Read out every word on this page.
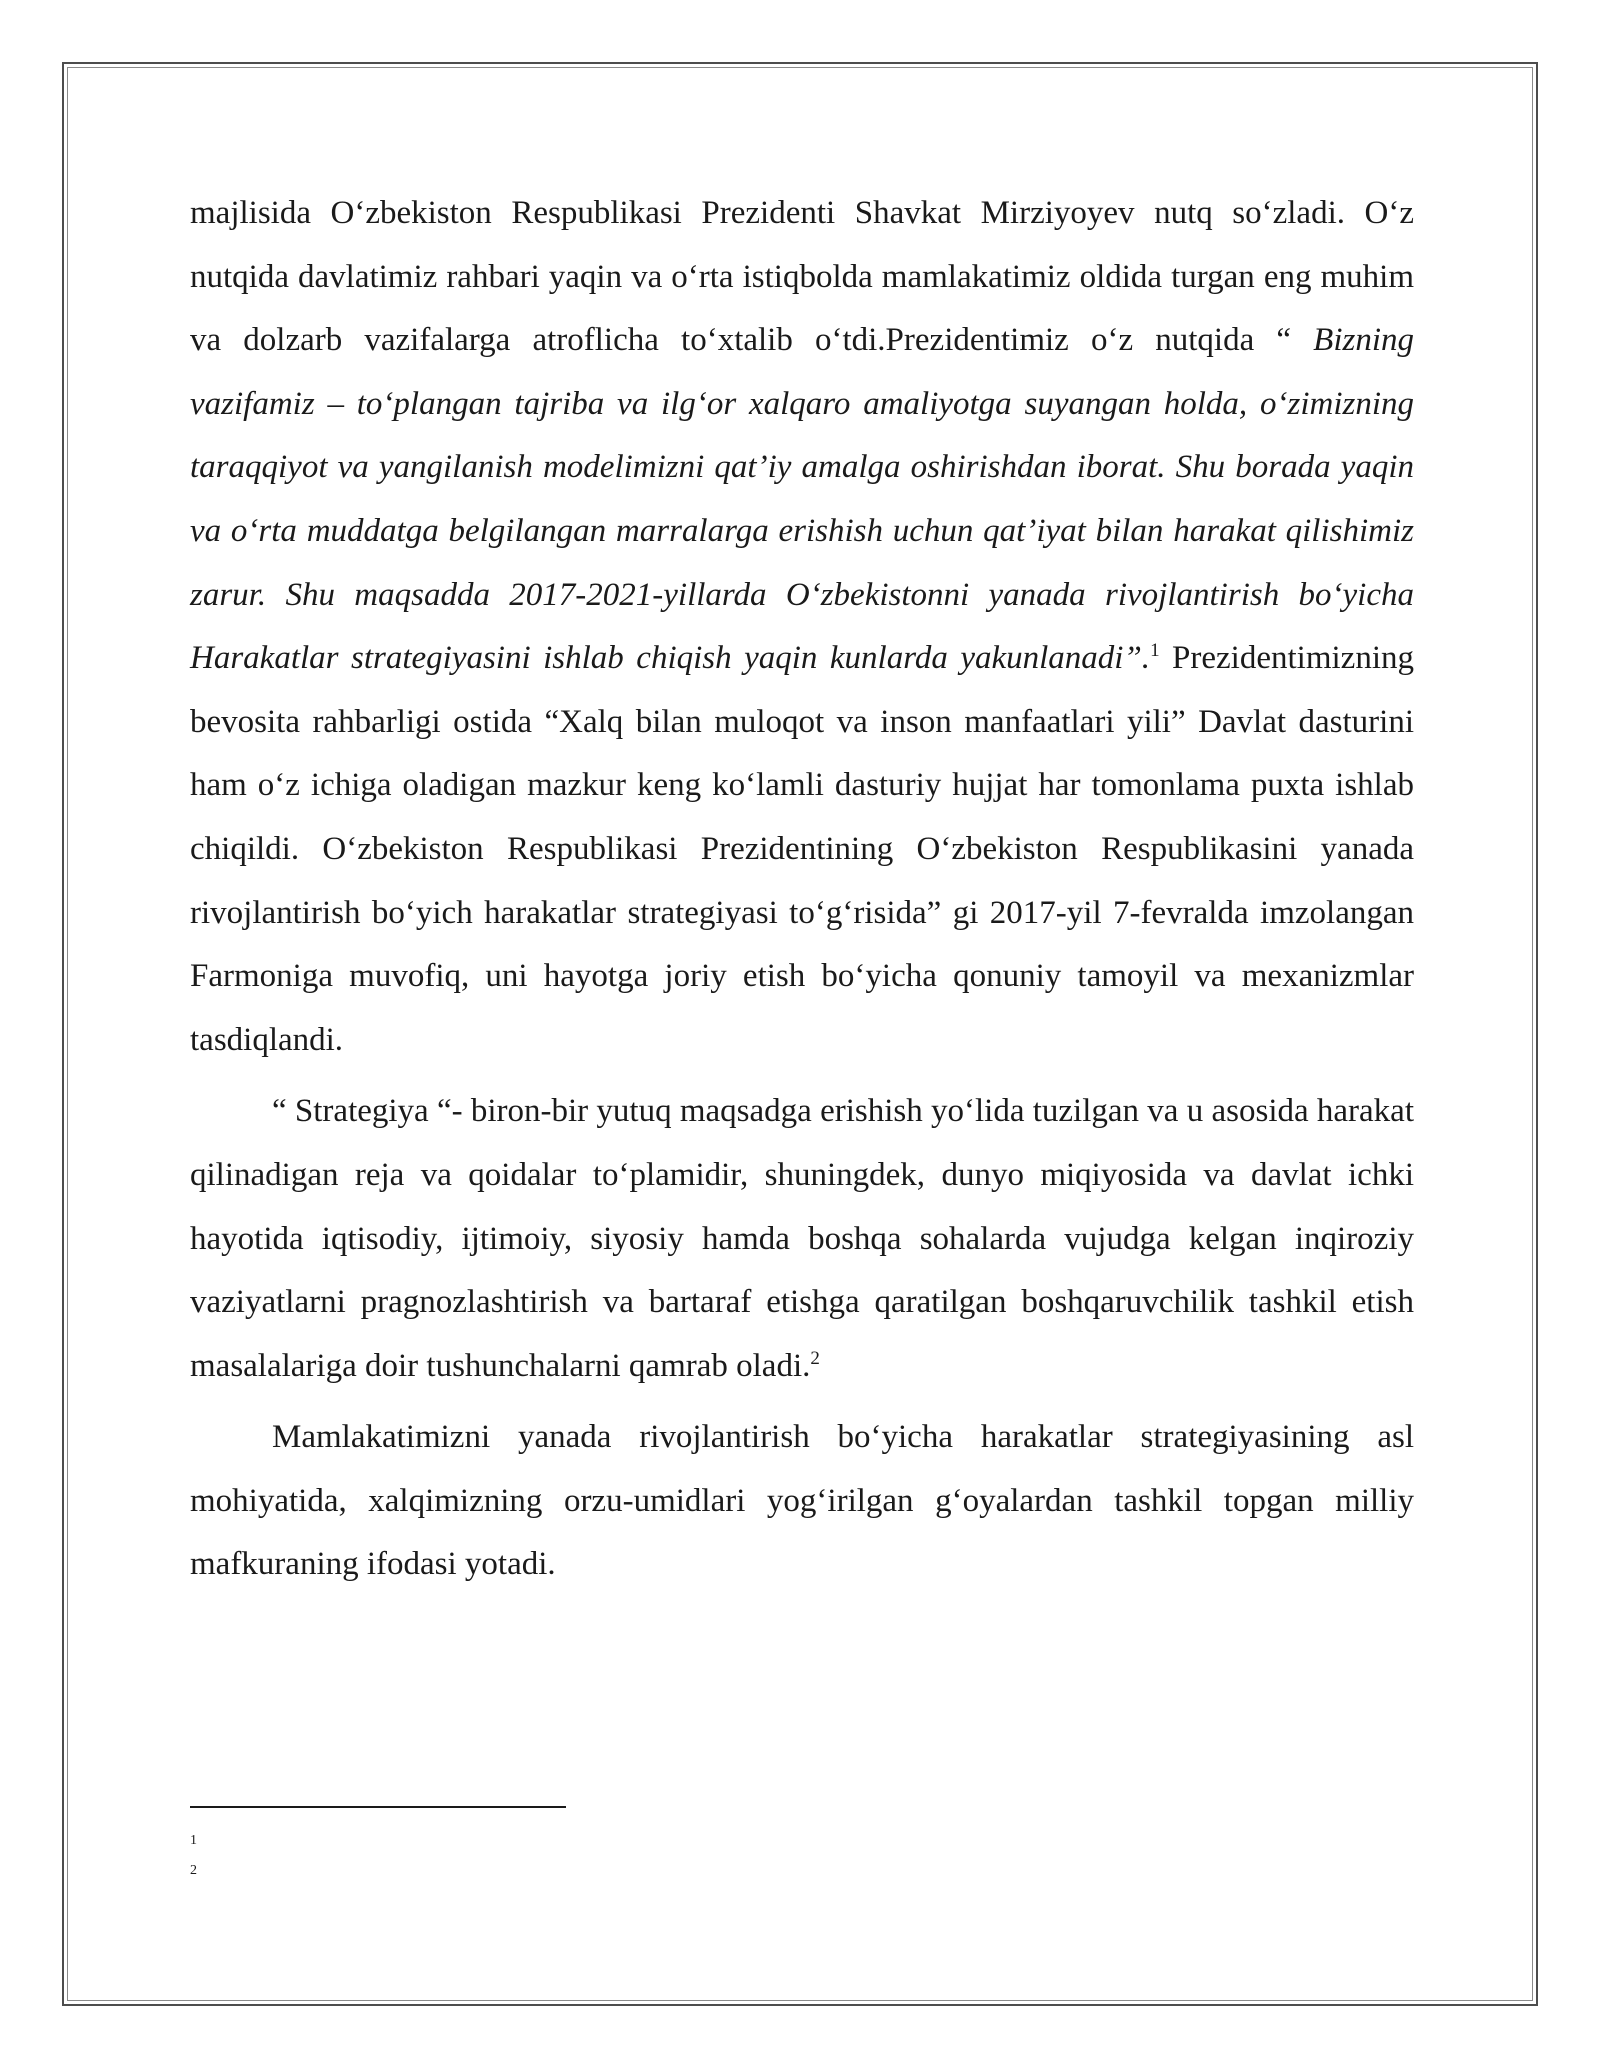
majlisida O‘zbekiston Respublikasi Prezidenti Shavkat Mirziyoyev nutq so‘zladi. O‘z nutqida davlatimiz rahbari yaqin va o‘rta istiqbolda mamlakatimiz oldida turgan eng muhim va dolzarb vazifalarga atroflicha to‘xtalib o‘tdi.Prezidentimiz o‘z nutqida “ Bizning vazifamiz – to‘plangan tajriba va ilg‘or xalqaro amaliyotga suyangan holda, o‘zimizning taraqqiyot va yangilanish modelimizni qat’iy amalga oshirishdan iborat. Shu borada yaqin va o‘rta muddatga belgilangan marralarga erishish uchun qat’iyat bilan harakat qilishimiz zarur. Shu maqsadda 2017-2021-yillarda O‘zbekistonni yanada rivojlantirish bo‘yicha Harakatlar strategiyasini ishlab chiqish yaqin kunlarda yakunlanadi”.$^1$ Prezidentimizning bevosita rahbarligi ostida “Xalq bilan muloqot va inson manfaatlari yili” Davlat dasturini ham o‘z ichiga oladigan mazkur keng ko‘lamli dasturiy hujjat har tomonlama puxta ishlab chiqildi. O‘zbekiston Respublikasi Prezidentining O‘zbekiston Respublikasini yanada rivojlantirish bo‘yich harakatlar strategiyasi to‘g‘risida” gi 2017-yil 7-fevralda imzolangan Farmoniga muvofiq, uni hayotga joriy etish bo‘yicha qonuniy tamoyil va mexanizmlar tasdiqlandi.

“ Strategiya “- biron-bir yutuq maqsadga erishish yo‘lida tuzilgan va u asosida harakat qilinadigan reja va qoidalar to‘plamidir, shuningdek, dunyo miqiyosida va davlat ichki hayotida iqtisodiy, ijtimoiy, siyosiy hamda boshqa sohalarda vujudga kelgan inqiroziy vaziyatlarni pragnozlashtirish va bartaraf etishga qaratilgan boshqaruvchilik tashkil etish masalalariga doir tushunchalarni qamrab oladi.$^2$

Mamlakatimizni yanada rivojlantirish bo‘yicha harakatlar strategiyasining asl mohiyatida, xalqimizning orzu-umidlari yog‘irilgan g‘oyalardan tashkil topgan milliy mafkuraning ifodasi yotadi.

1
2
